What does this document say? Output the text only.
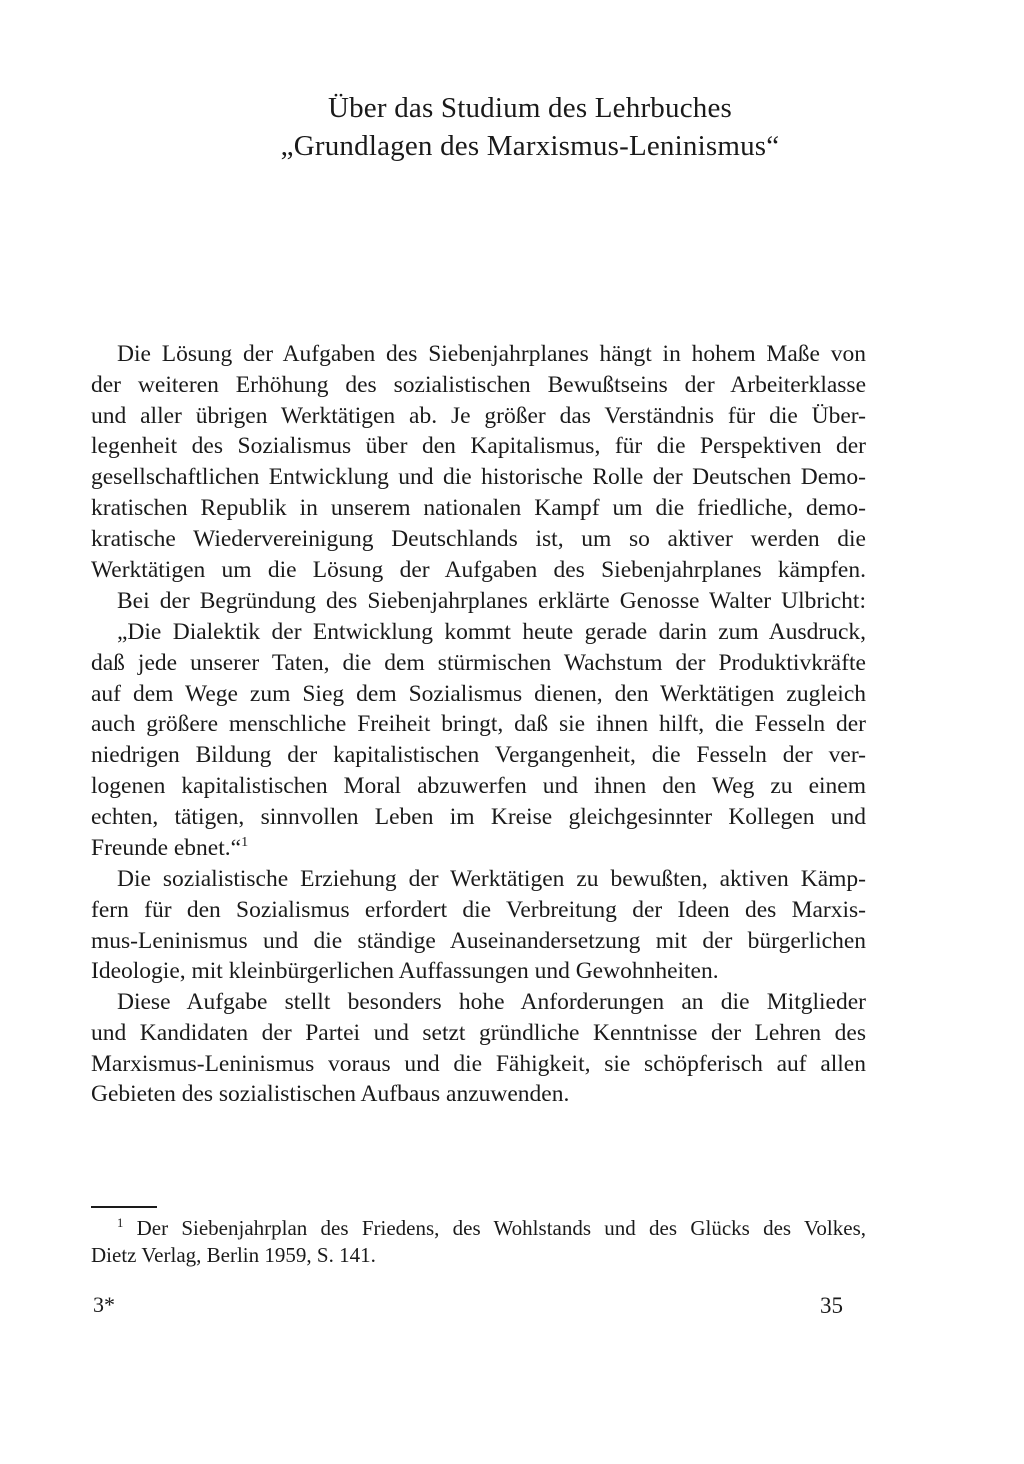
Über das Studium des Lehrbuches
„Grundlagen des Marxismus-Leninismus“

Die Lösung der Aufgaben des Siebenjahrplanes hängt in hohem Maße von
der weiteren Erhöhung des sozialistischen Bewußtseins der Arbeiterklasse
und aller übrigen Werktätigen ab. Je größer das Verständnis für die Über-
legenheit des Sozialismus über den Kapitalismus, für die Perspektiven der
gesellschaftlichen Entwicklung und die historische Rolle der Deutschen Demo-
kratischen Republik in unserem nationalen Kampf um die friedliche, demo-
kratische Wiedervereinigung Deutschlands ist, um so aktiver werden die
Werktätigen um die Lösung der Aufgaben des Siebenjahrplanes kämpfen.

Bei der Begründung des Siebenjahrplanes erklärte Genosse Walter Ulbricht:

„Die Dialektik der Entwicklung kommt heute gerade darin zum Ausdruck,
daß jede unserer Taten, die dem stürmischen Wachstum der Produktivkräfte
auf dem Wege zum Sieg dem Sozialismus dienen, den Werktätigen zugleich
auch größere menschliche Freiheit bringt, daß sie ihnen hilft, die Fesseln der
niedrigen Bildung der kapitalistischen Vergangenheit, die Fesseln der ver-
logenen kapitalistischen Moral abzuwerfen und ihnen den Weg zu einem
echten, tätigen, sinnvollen Leben im Kreise gleichgesinnter Kollegen und
Freunde ebnet.“$^1$

Die sozialistische Erziehung der Werktätigen zu bewußten, aktiven Kämp-
fern für den Sozialismus erfordert die Verbreitung der Ideen des Marxis-
mus-Leninismus und die ständige Auseinandersetzung mit der bürgerlichen
Ideologie, mit kleinbürgerlichen Auffassungen und Gewohnheiten.

Diese Aufgabe stellt besonders hohe Anforderungen an die Mitglieder
und Kandidaten der Partei und setzt gründliche Kenntnisse der Lehren des
Marxismus-Leninismus voraus und die Fähigkeit, sie schöpferisch auf allen
Gebieten des sozialistischen Aufbaus anzuwenden.

$^1$ Der Siebenjahrplan des Friedens, des Wohlstands und des Glücks des Volkes,
Dietz Verlag, Berlin 1959, S. 141.

3*	35
